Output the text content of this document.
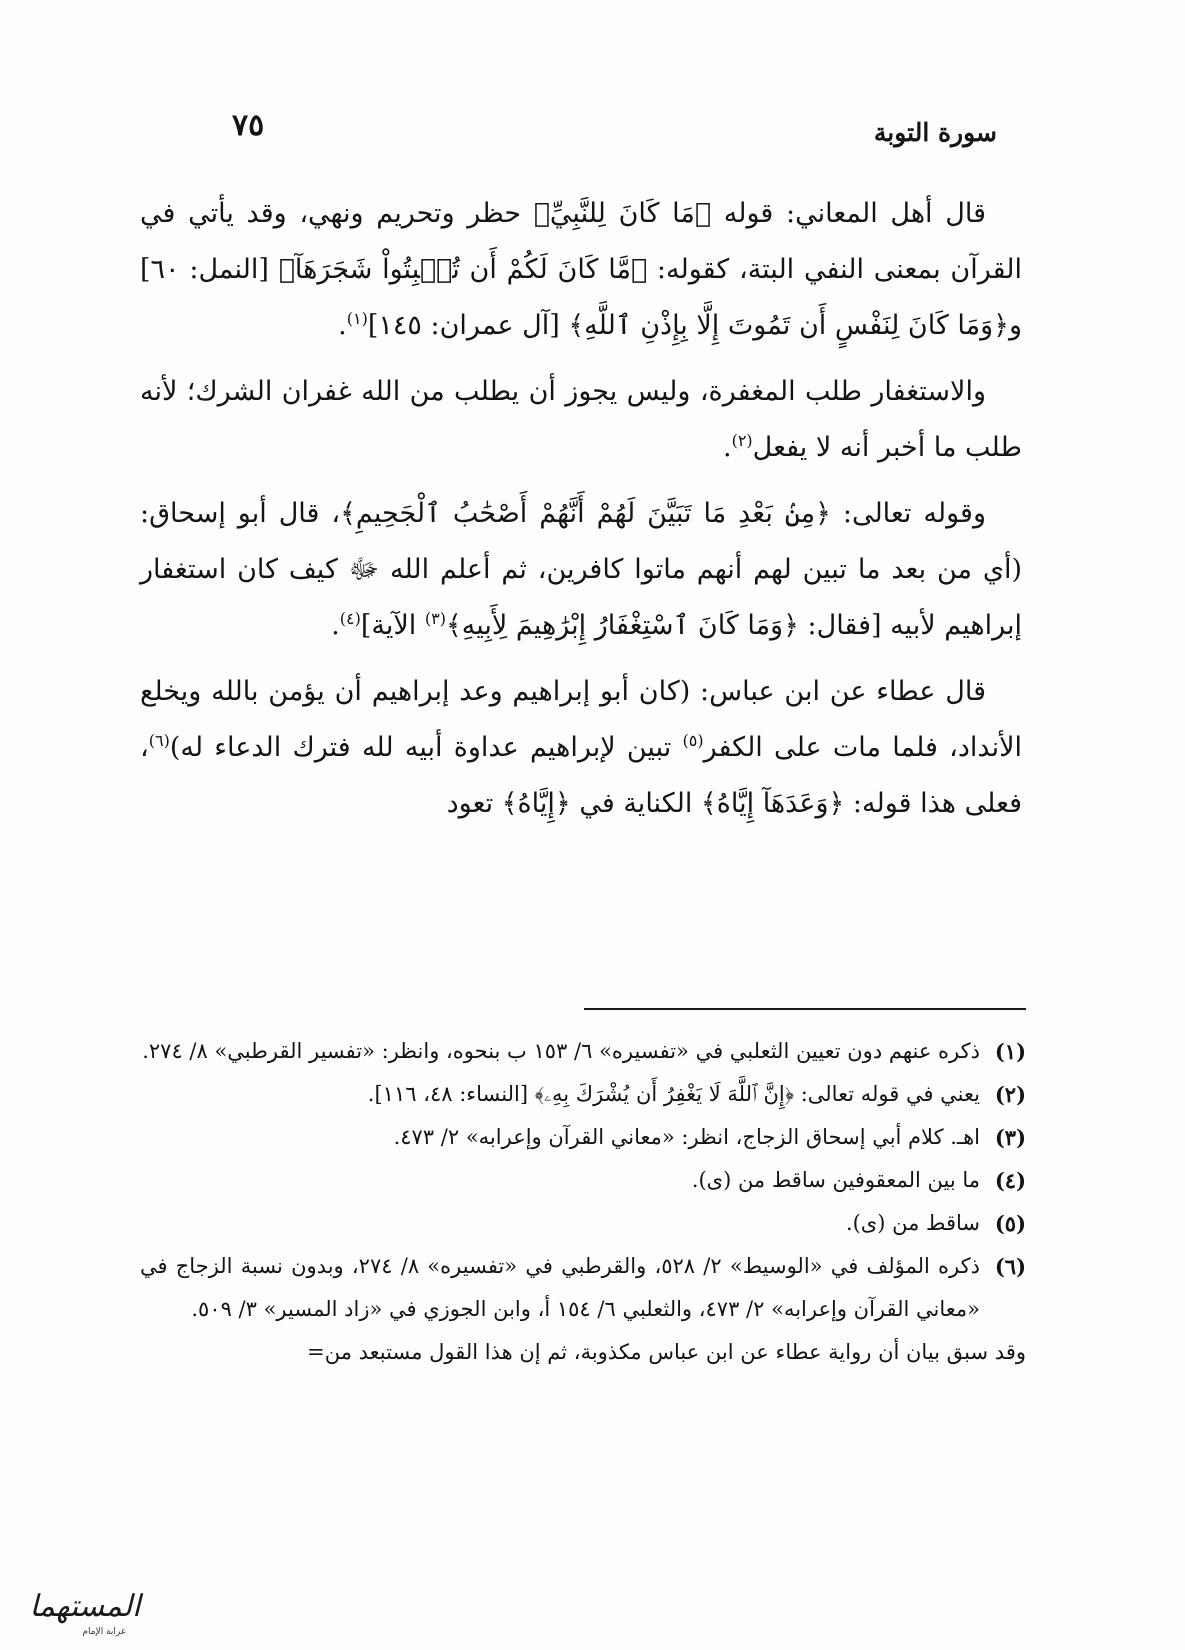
سورة التوبة
٧٥

قال أهل المعاني: قوله ﴿مَا كَانَ لِلنَّبِيِّ﴾ حظر وتحريم ونهي، وقد يأتي في القرآن بمعنى النفي البتة، كقوله: ﴿مَّا كَانَ لَكُمْ أَن تُنۢبِتُواْ شَجَرَهَآ﴾ [النمل: ٦٠] و﴿وَمَا كَانَ لِنَفْسٍ أَن تَمُوتَ إِلَّا بِإِذْنِ ٱللَّهِ﴾ [آل عمران: ١٤٥]$^{(١)}$.

والاستغفار طلب المغفرة، وليس يجوز أن يطلب من الله غفران الشرك؛ لأنه طلب ما أخبر أنه لا يفعل$^{(٢)}$.

وقوله تعالى: ﴿مِنۢ بَعْدِ مَا تَبَيَّنَ لَهُمْ أَنَّهُمْ أَصْحَٰبُ ٱلْجَحِيمِ﴾، قال أبو إسحاق: (أي من بعد ما تبين لهم أنهم ماتوا كافرين، ثم أعلم الله ﷻ كيف كان استغفار إبراهيم لأبيه [فقال: ﴿وَمَا كَانَ ٱسْتِغْفَارُ إِبْرَٰهِيمَ لِأَبِيهِ﴾$^{(٣)}$ الآية]$^{(٤)}$.

قال عطاء عن ابن عباس: (كان أبو إبراهيم وعد إبراهيم أن يؤمن بالله ويخلع الأنداد، فلما مات على الكفر$^{(٥)}$ تبين لإبراهيم عداوة أبيه لله فترك الدعاء له)$^{(٦)}$، فعلى هذا قوله: ﴿وَعَدَهَآ إِيَّاهُ﴾ الكناية في ﴿إِيَّاهُ﴾ تعود

(١)
ذكره عنهم دون تعيين الثعلبي في «تفسيره» ٦/ ١٥٣ ب بنحوه، وانظر: «تفسير القرطبي» ٨/ ٢٧٤.
(٢)
يعني في قوله تعالى: ﴿إِنَّ ٱللَّهَ لَا يَغْفِرُ أَن يُشْرَكَ بِهِۦ﴾ [النساء: ٤٨، ١١٦].
(٣)
اهـ. كلام أبي إسحاق الزجاج، انظر: «معاني القرآن وإعرابه» ٢/ ٤٧٣.
(٤)
ما بين المعقوفين ساقط من (ى).
(٥)
ساقط من (ى).
(٦)
ذكره المؤلف في «الوسيط» ٢/ ٥٢٨، والقرطبي في «تفسيره» ٨/ ٢٧٤، وبدون نسبة الزجاج في «معاني القرآن وإعرابه» ٢/ ٤٧٣، والثعلبي ٦/ ١٥٤ أ، وابن الجوزي في «زاد المسير» ٣/ ٥٠٩.
وقد سبق بيان أن رواية عطاء عن ابن عباس مكذوبة، ثم إن هذا القول مستبعد من=
المستهما
غرابة الإمام
